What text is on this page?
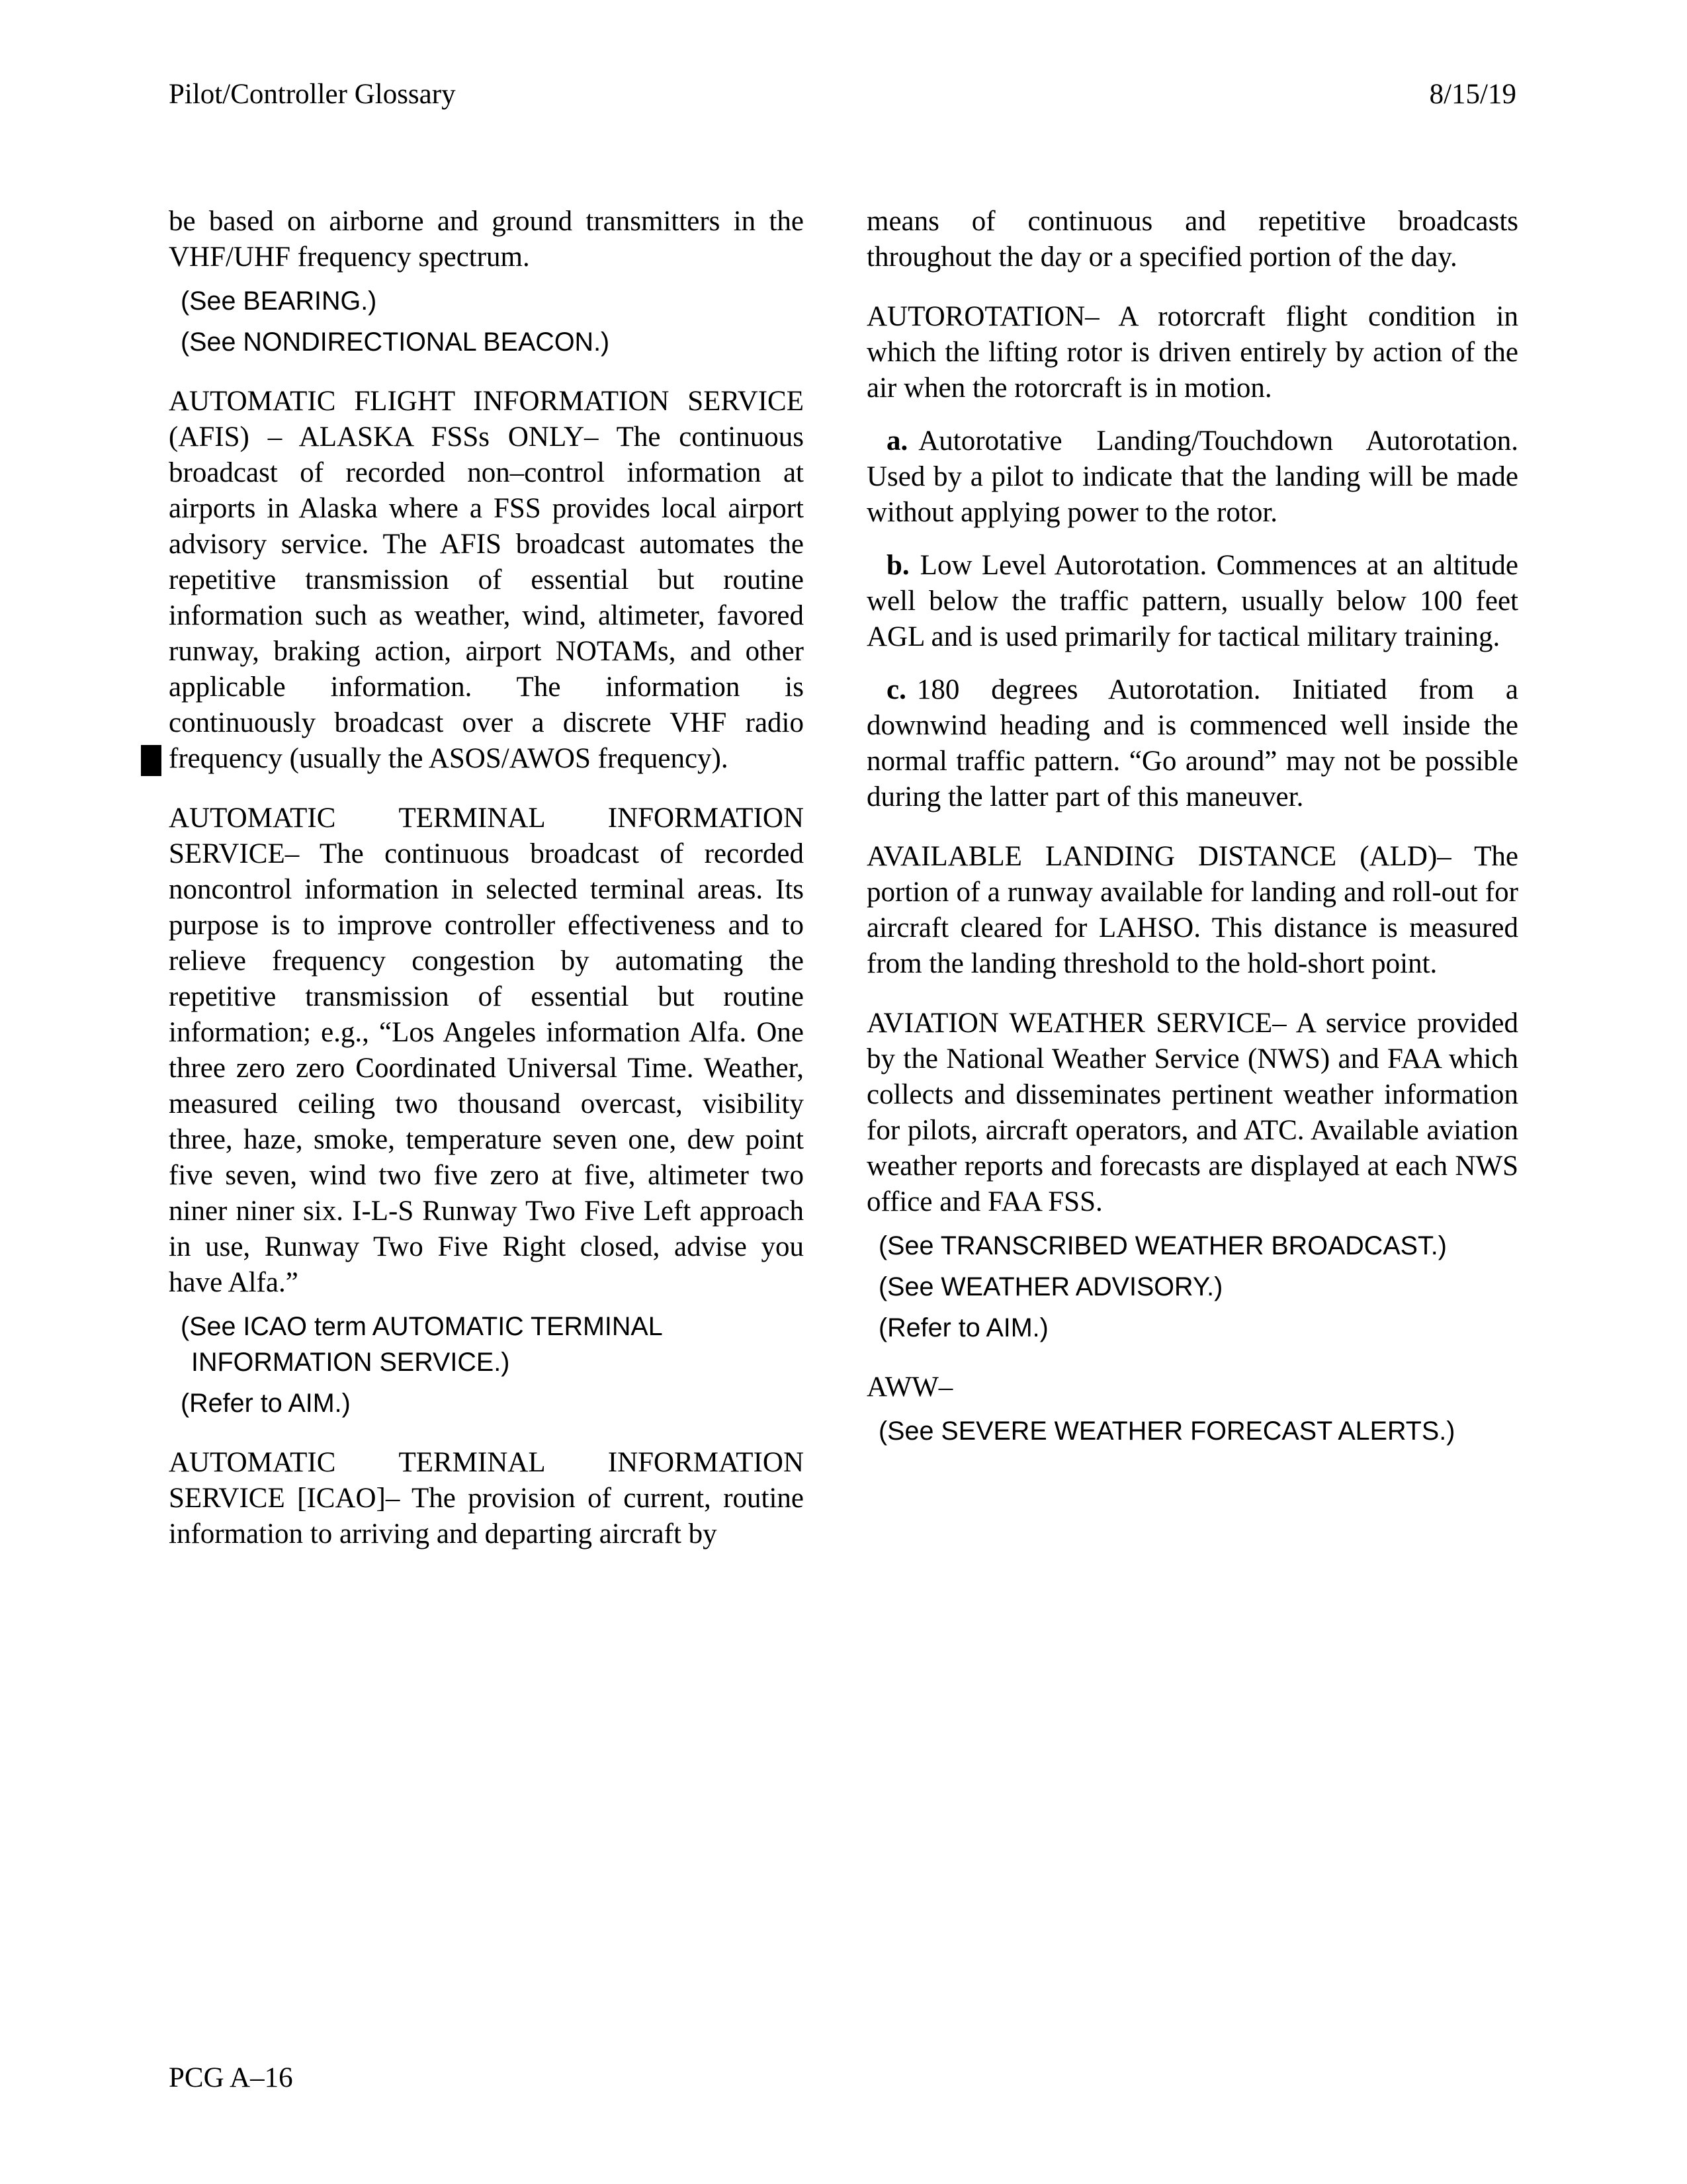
Pilot/Controller Glossary	8/15/19

be based on airborne and ground transmitters in the VHF/UHF frequency spectrum.

(See BEARING.)

(See NONDIRECTIONAL BEACON.)

AUTOMATIC FLIGHT INFORMATION SERVICE (AFIS) – ALASKA FSSs ONLY– The continuous broadcast of recorded non–control information at airports in Alaska where a FSS provides local airport advisory service. The AFIS broadcast automates the repetitive transmission of essential but routine information such as weather, wind, altimeter, favored runway, braking action, airport NOTAMs, and other applicable information. The information is continuously broadcast over a discrete VHF radio frequency (usually the ASOS/AWOS frequency).

AUTOMATIC TERMINAL INFORMATION SERVICE– The continuous broadcast of recorded noncontrol information in selected terminal areas. Its purpose is to improve controller effectiveness and to relieve frequency congestion by automating the repetitive transmission of essential but routine information; e.g., “Los Angeles information Alfa. One three zero zero Coordinated Universal Time. Weather, measured ceiling two thousand overcast, visibility three, haze, smoke, temperature seven one, dew point five seven, wind two five zero at five, altimeter two niner niner six. I-L-S Runway Two Five Left approach in use, Runway Two Five Right closed, advise you have Alfa.”

(See ICAO term AUTOMATIC TERMINAL INFORMATION SERVICE.)

(Refer to AIM.)

AUTOMATIC TERMINAL INFORMATION SERVICE [ICAO]– The provision of current, routine information to arriving and departing aircraft by

means of continuous and repetitive broadcasts throughout the day or a specified portion of the day.

AUTOROTATION– A rotorcraft flight condition in which the lifting rotor is driven entirely by action of the air when the rotorcraft is in motion.

a. Autorotative Landing/Touchdown Autorotation. Used by a pilot to indicate that the landing will be made without applying power to the rotor.

b. Low Level Autorotation. Commences at an altitude well below the traffic pattern, usually below 100 feet AGL and is used primarily for tactical military training.

c. 180 degrees Autorotation. Initiated from a downwind heading and is commenced well inside the normal traffic pattern. “Go around” may not be possible during the latter part of this maneuver.

AVAILABLE LANDING DISTANCE (ALD)– The portion of a runway available for landing and roll-out for aircraft cleared for LAHSO. This distance is measured from the landing threshold to the hold-short point.

AVIATION WEATHER SERVICE– A service provided by the National Weather Service (NWS) and FAA which collects and disseminates pertinent weather information for pilots, aircraft operators, and ATC. Available aviation weather reports and forecasts are displayed at each NWS office and FAA FSS.

(See TRANSCRIBED WEATHER BROADCAST.)

(See WEATHER ADVISORY.)

(Refer to AIM.)

AWW–

(See SEVERE WEATHER FORECAST ALERTS.)

PCG A–16
